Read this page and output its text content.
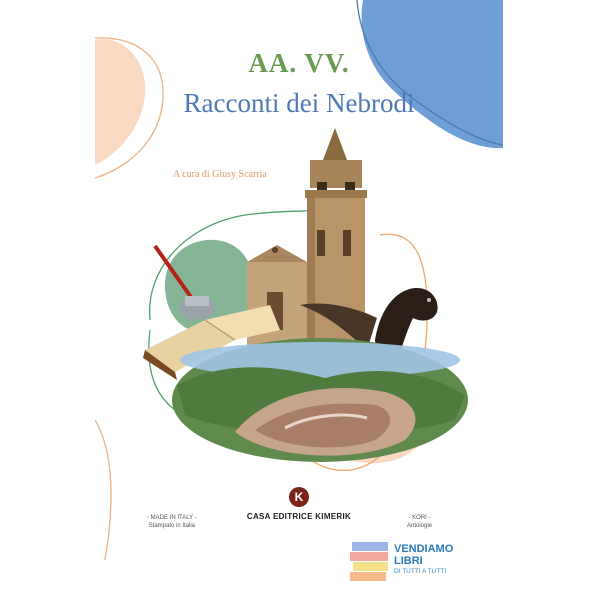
AA. VV.
Racconti dei Nebrodi
A cura di Giusy Scarria
- MADE IN ITALY -
Stampato in Italia
K
CASA EDITRICE KIMERIK	- KORI -
Antologie
VENDIAMO
LIBRI
DI TUTTI A TUTTI
